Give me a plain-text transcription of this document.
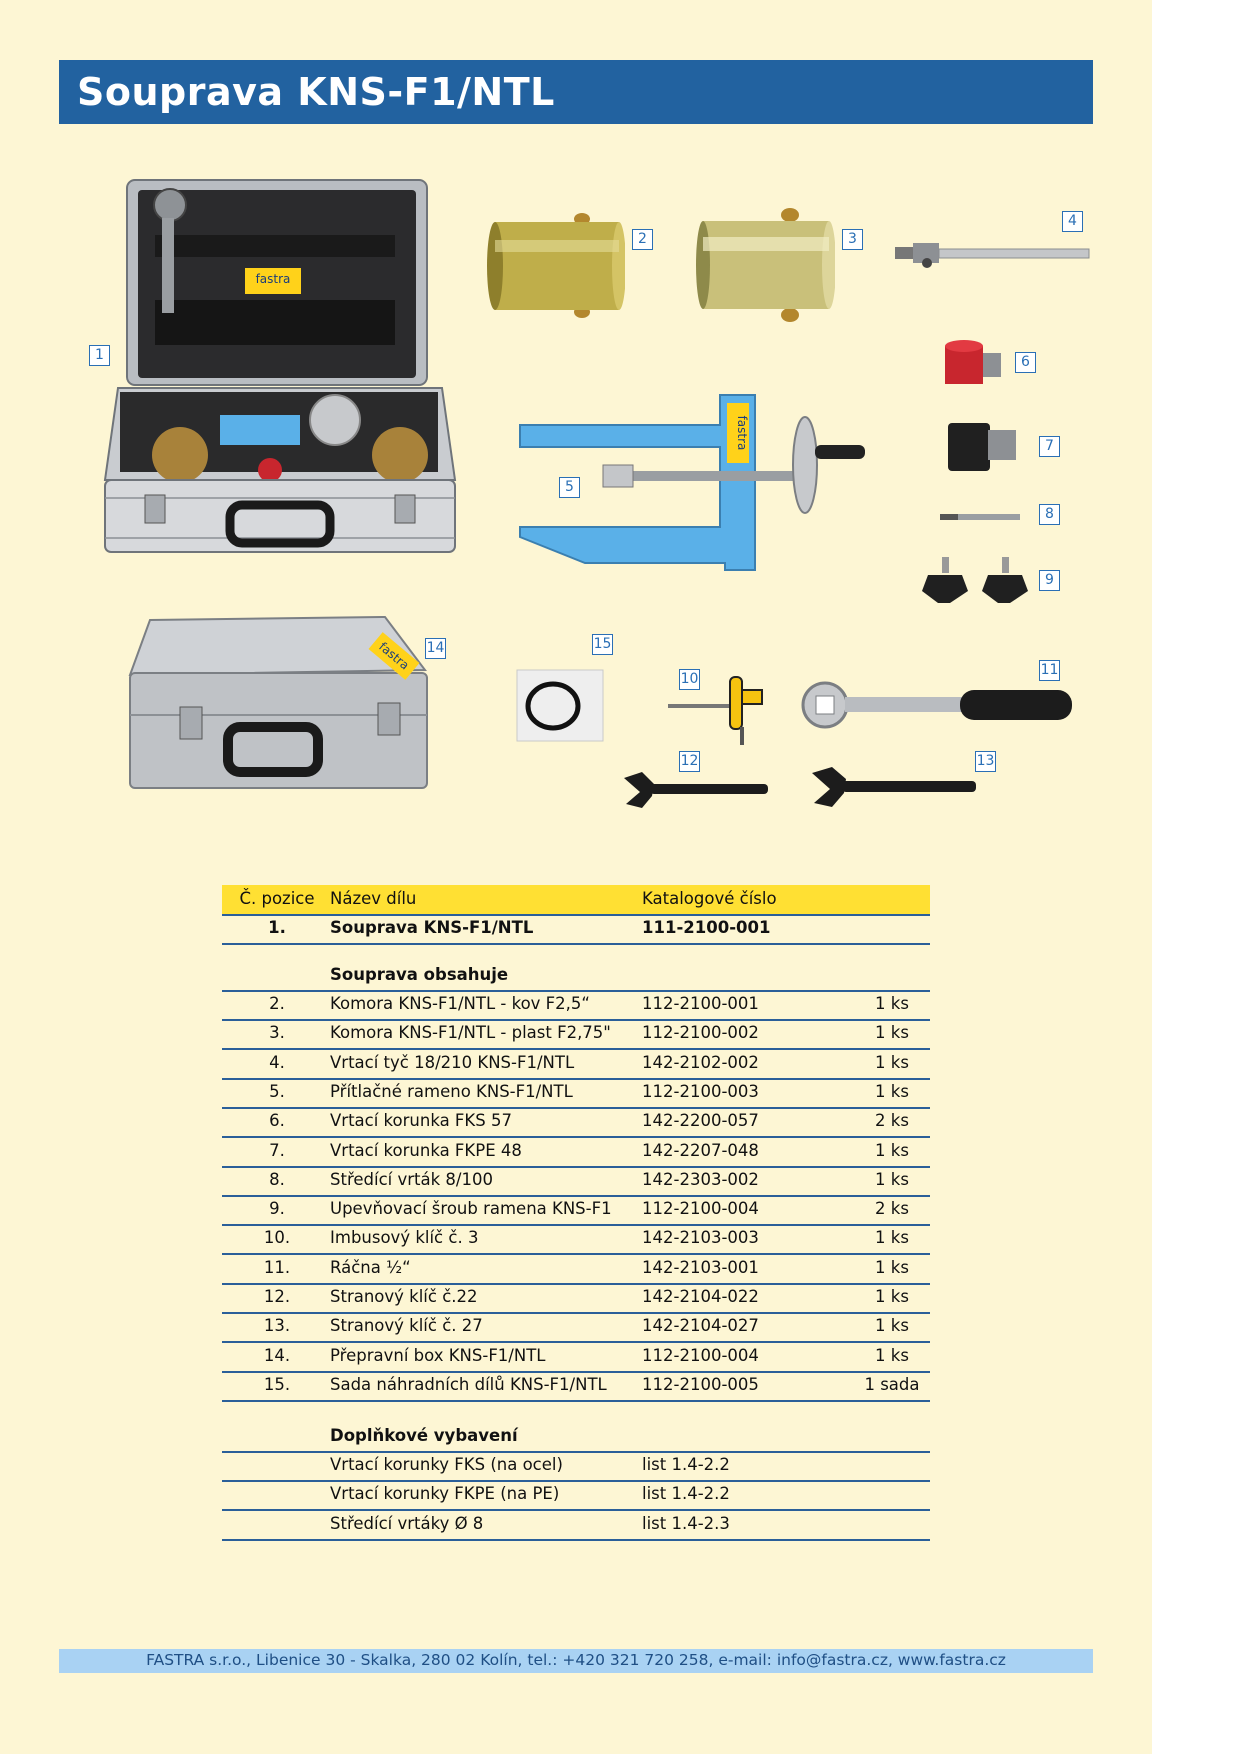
Souprava KNS-F1/NTL
fastra
1
2	3
4
fastra
5
6
7
8
9
fastra 14	15
10
11
12	13
Č. pozice Název dílu	Katalogové číslo
1.	Souprava KNS-F1/NTL	111-2100-001
Souprava obsahuje
2.	Komora KNS-F1/NTL - kov F2,5“	112-2100-001	1 ks
3.	Komora KNS-F1/NTL - plast F2,75" 112-2100-002	1 ks
4.	Vrtací tyč 18/210 KNS-F1/NTL	142-2102-002	1 ks
5.	Přítlačné rameno KNS-F1/NTL	112-2100-003	1 ks
6.	Vrtací korunka FKS 57	142-2200-057	2 ks
7.	Vrtací korunka FKPE 48	142-2207-048	1 ks
8.	Středící vrták 8/100	142-2303-002	1 ks
9.	Upevňovací šroub ramena KNS-F1 112-2100-004	2 ks
10.	Imbusový klíč č. 3	142-2103-003	1 ks
11.	Ráčna ½“	142-2103-001	1 ks
12.	Stranový klíč č.22	142-2104-022	1 ks
13.	Stranový klíč č. 27	142-2104-027	1 ks
14.	Přepravní box KNS-F1/NTL	112-2100-004	1 ks
15.	Sada náhradních dílů KNS-F1/NTL 112-2100-005	1 sada
Doplňkové vybavení
Vrtací korunky FKS (na ocel)	list 1.4-2.2
Vrtací korunky FKPE (na PE)	list 1.4-2.2
Středící vrtáky Ø 8	list 1.4-2.3
FASTRA s.r.o., Libenice 30 - Skalka, 280 02 Kolín, tel.: +420 321 720 258, e-mail: info@fastra.cz, www.fastra.cz
